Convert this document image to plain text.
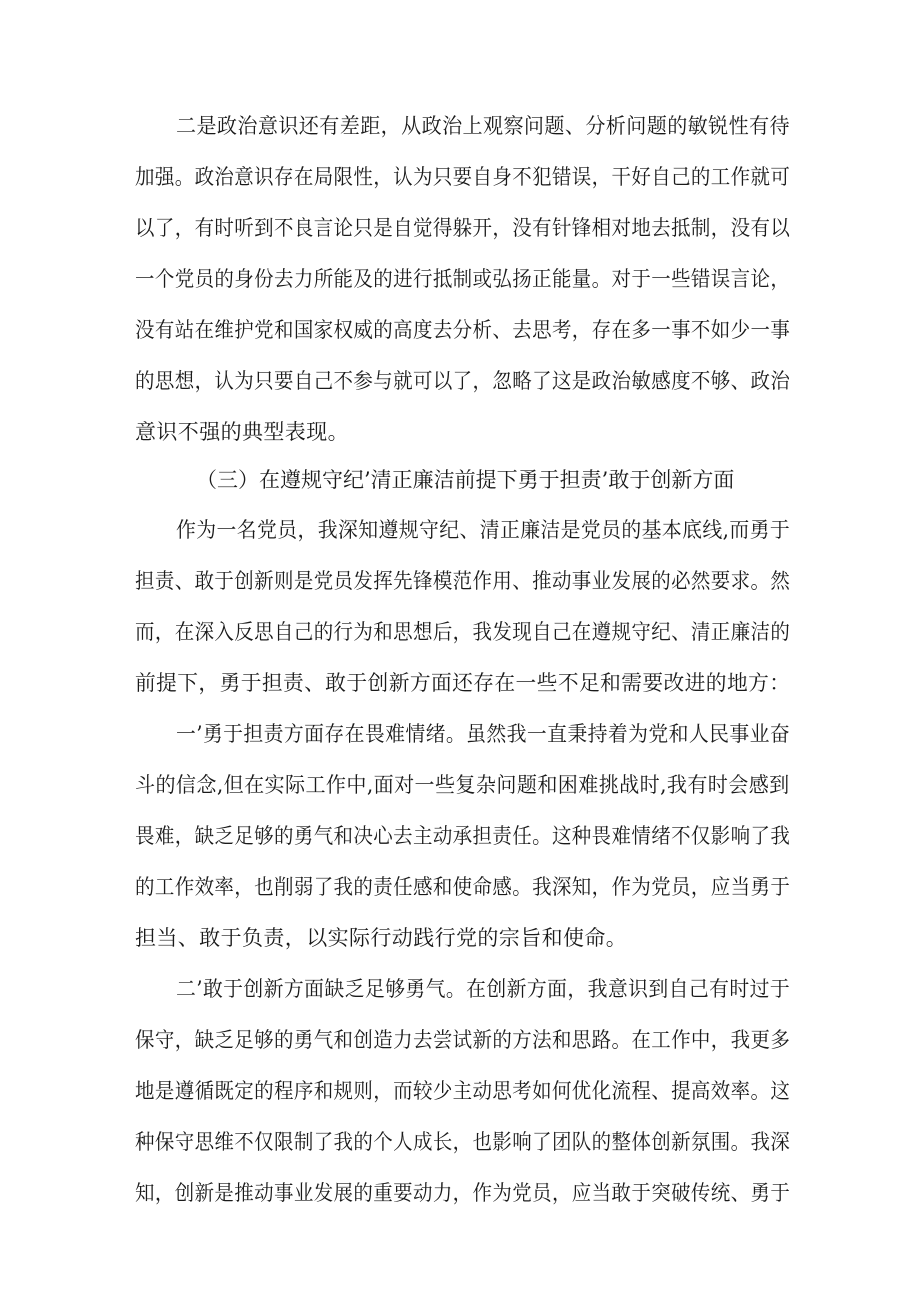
二是政治意识还有差距，从政治上观察问题、分析问题的敏锐性有待
加强。政治意识存在局限性，认为只要自身不犯错误，干好自己的工作就可
以了，有时听到不良言论只是自觉得躲开，没有针锋相对地去抵制，没有以
一个党员的身份去力所能及的进行抵制或弘扬正能量。对于一些错误言论，
没有站在维护党和国家权威的高度去分析、去思考，存在多一事不如少一事
的思想，认为只要自己不参与就可以了，忽略了这是政治敏感度不够、政治
意识不强的典型表现。
（三）在遵规守纪’清正廉洁前提下勇于担责’敢于创新方面
作为一名党员，我深知遵规守纪、清正廉洁是党员的基本底线,而勇于
担责、敢于创新则是党员发挥先锋模范作用、推动事业发展的必然要求。然
而，在深入反思自己的行为和思想后，我发现自己在遵规守纪、清正廉洁的
前提下，勇于担责、敢于创新方面还存在一些不足和需要改进的地方：
一’勇于担责方面存在畏难情绪。虽然我一直秉持着为党和人民事业奋
斗的信念,但在实际工作中,面对一些复杂问题和困难挑战时,我有时会感到
畏难，缺乏足够的勇气和决心去主动承担责任。这种畏难情绪不仅影响了我
的工作效率，也削弱了我的责任感和使命感。我深知，作为党员，应当勇于
担当、敢于负责，以实际行动践行党的宗旨和使命。
二’敢于创新方面缺乏足够勇气。在创新方面，我意识到自己有时过于
保守，缺乏足够的勇气和创造力去尝试新的方法和思路。在工作中，我更多
地是遵循既定的程序和规则，而较少主动思考如何优化流程、提高效率。这
种保守思维不仅限制了我的个人成长，也影响了团队的整体创新氛围。我深
知，创新是推动事业发展的重要动力，作为党员，应当敢于突破传统、勇于
